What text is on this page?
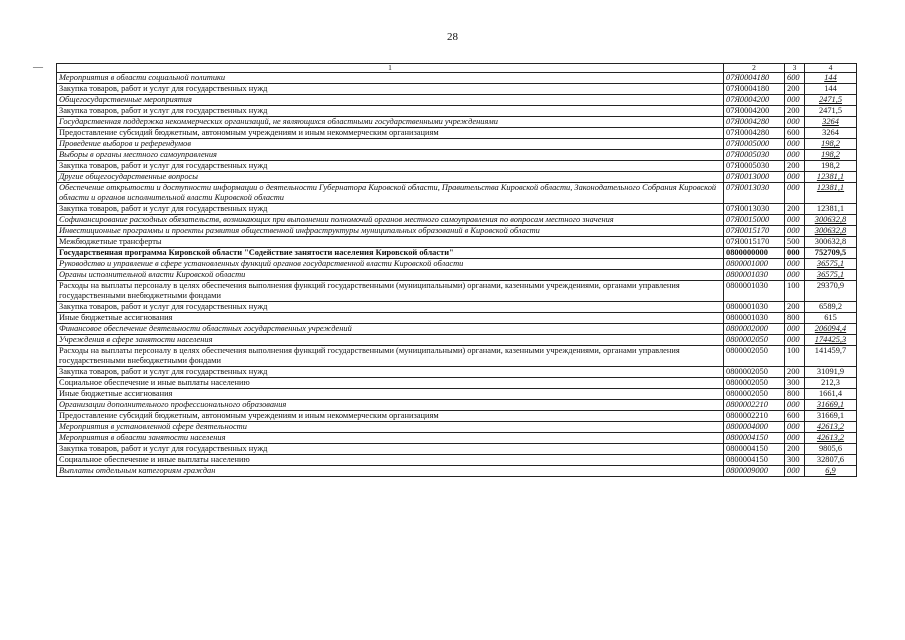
28
—	1	2	3	4
Мероприятия в области социальной политики	07Я0004180	600	144
Закупка товаров, работ и услуг для государственных нужд	07Я0004180	200	144
Общегосударственные мероприятия	07Я0004200	000	2471,5
Закупка товаров, работ и услуг для государственных нужд	07Я0004200	200	2471,5
Государственная поддержка некоммерческих организаций, не являющихся областными государственными учреждениями	07Я0004280	000	3264
Предоставление субсидий бюджетным, автономным учреждениям и иным некоммерческим организациям	07Я0004280	600	3264
Проведение выборов и референдумов	07Я0005000	000	198,2
Выборы в органы местного самоуправления	07Я0005030	000	198,2
Закупка товаров, работ и услуг для государственных нужд	07Я0005030	200	198,2
Другие общегосударственные вопросы	07Я0013000	000	12381,1
Обеспечение открытости и доступности информации о деятельности Губернатора Кировской области, Правительства Кировской области, Законодательного Собрания Кировской области и органов исполнительной власти Кировской области	07Я0013030	000	12381,1
Закупка товаров, работ и услуг для государственных нужд	07Я0013030	200	12381,1
Софинансирование расходных обязательств, возникающих при выполнении полномочий органов местного самоуправления по вопросам местного значения	07Я0015000	000	300632,8
Инвестиционные программы и проекты развития общественной инфраструктуры муниципальных образований в Кировской области	07Я0015170	000	300632,8
Межбюджетные трансферты	07Я0015170	500	300632,8
Государственная программа Кировской области "Содействие занятости населения Кировской области"	0800000000	000	752709,5
Руководство и управление в сфере установленных функций органов государственной власти Кировской области	0800001000	000	36575,1
Органы исполнительной власти Кировской области	0800001030	000	36575,1
Расходы на выплаты персоналу в целях обеспечения выполнения функций государственными (муниципальными) органами, казенными учреждениями, органами управления государственными внебюджетными фондами	0800001030	100	29370,9
Закупка товаров, работ и услуг для государственных нужд	0800001030	200	6589,2
Иные бюджетные ассигнования	0800001030	800	615
Финансовое обеспечение деятельности областных государственных учреждений	0800002000	000	206094,4
Учреждения в сфере занятости населения	0800002050	000	174425,3
Расходы на выплаты персоналу в целях обеспечения выполнения функций государственными (муниципальными) органами, казенными учреждениями, органами управления государственными внебюджетными фондами	0800002050	100	141459,7
Закупка товаров, работ и услуг для государственных нужд	0800002050	200	31091,9
Социальное обеспечение и иные выплаты населению	0800002050	300	212,3
Иные бюджетные ассигнования	0800002050	800	1661,4
Организации дополнительного профессионального образования	0800002210	000	31669,1
Предоставление субсидий бюджетным, автономным учреждениям и иным некоммерческим организациям	0800002210	600	31669,1
Мероприятия в установленной сфере деятельности	0800004000	000	42613,2
Мероприятия в области занятости населения	0800004150	000	42613,2
Закупка товаров, работ и услуг для государственных нужд	0800004150	200	9805,6
Социальное обеспечение и иные выплаты населению	0800004150	300	32807,6
Выплаты отдельным категориям граждан	0800009000	000	6,9
